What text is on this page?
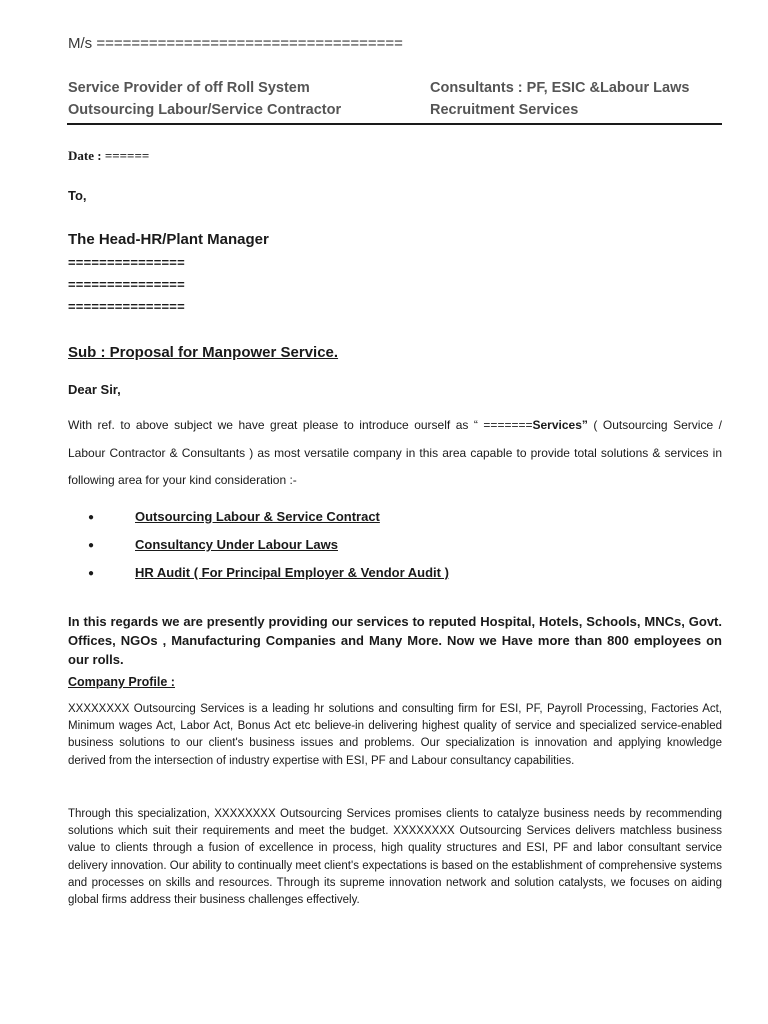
M/s ===================================
Service Provider of off Roll System
Outsourcing Labour/Service Contractor
Consultants : PF, ESIC &Labour Laws
Recruitment Services
Date : ======
To,
The Head-HR/Plant Manager
===============
===============
===============
Sub : Proposal for Manpower Service.
Dear Sir,
With ref. to above subject we have great please to introduce ourself as “ =======Services” ( Outsourcing Service / Labour Contractor & Consultants ) as most versatile company in this area capable to provide total solutions & services in following area for your kind consideration :-
●	Outsourcing Labour & Service Contract
●	Consultancy Under Labour Laws
●	HR Audit ( For Principal Employer & Vendor Audit )
In this regards we are presently providing our services to reputed Hospital, Hotels, Schools, MNCs, Govt. Offices, NGOs , Manufacturing Companies and Many More. Now we Have more than 800 employees on our rolls.
Company Profile :
XXXXXXXX Outsourcing Services is a leading hr solutions and consulting firm for ESI, PF, Payroll Processing, Factories Act, Minimum wages Act, Labor Act, Bonus Act etc believe-in delivering highest quality of service and specialized service-enabled business solutions to our client's business issues and problems. Our specialization is innovation and applying knowledge derived from the intersection of industry expertise with ESI, PF and Labour consultancy capabilities.
Through this specialization, XXXXXXXX Outsourcing Services promises clients to catalyze business needs by recommending solutions which suit their requirements and meet the budget. XXXXXXXX Outsourcing Services delivers matchless business value to clients through a fusion of excellence in process, high quality structures and ESI, PF and labor consultant service delivery innovation. Our ability to continually meet client's expectations is based on the establishment of comprehensive systems and processes on skills and resources. Through its supreme innovation network and solution catalysts, we focuses on aiding global firms address their business challenges effectively.
